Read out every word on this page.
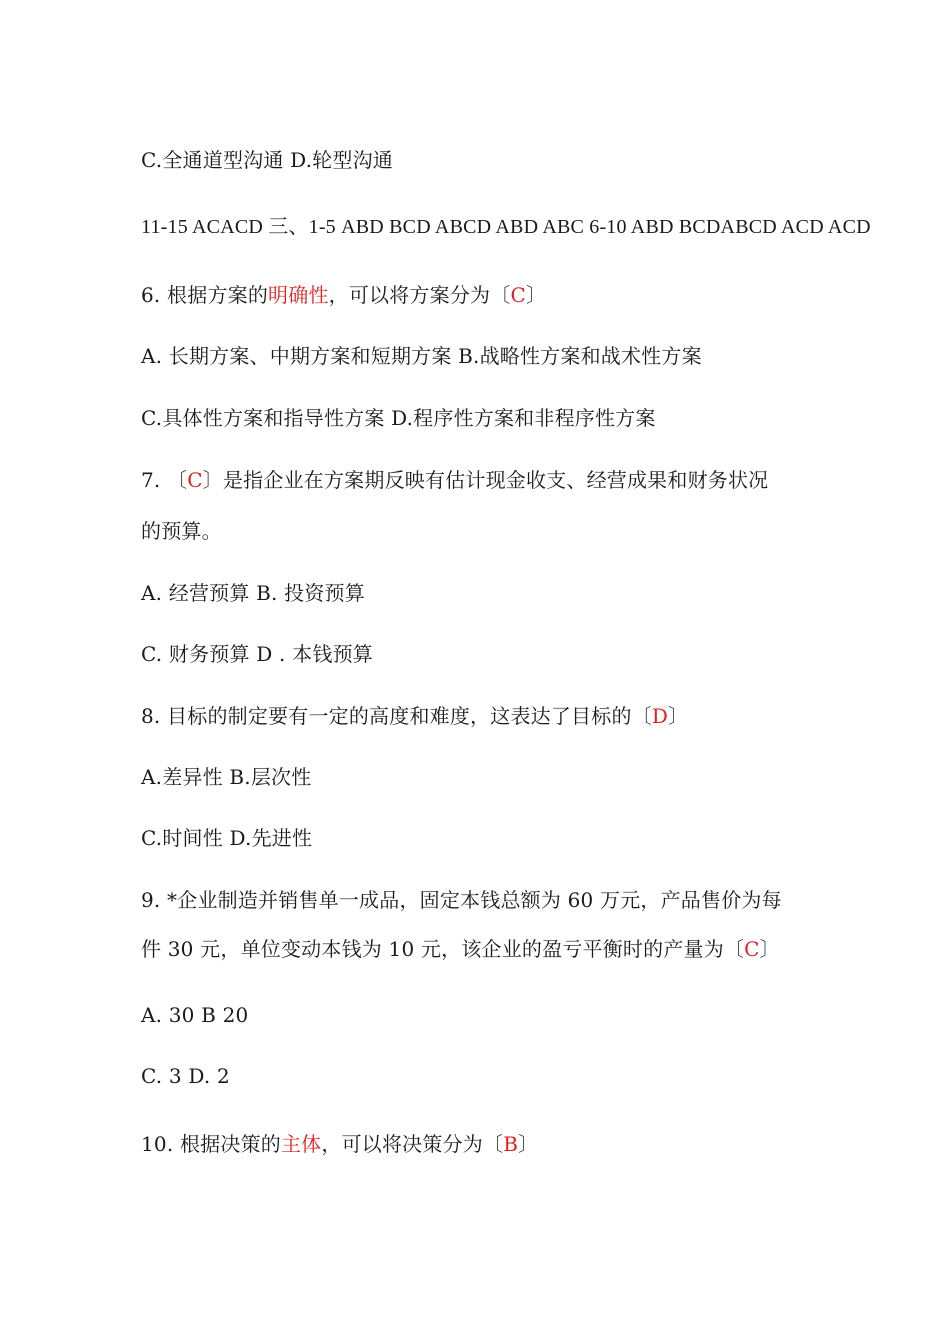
C.全通道型沟通 D.轮型沟通
11-15 ACACD 三、1-5 ABD BCD ABCD ABD ABC 6-10 ABD BCDABCD ACD ACD
6. 根据方案的明确性，可以将方案分为〔C〕
A. 长期方案、中期方案和短期方案 B.战略性方案和战术性方案
C.具体性方案和指导性方案 D.程序性方案和非程序性方案
7. 〔C〕是指企业在方案期反映有估计现金收支、经营成果和财务状况
的预算。
A. 经营预算 B. 投资预算
C. 财务预算 D . 本钱预算
8. 目标的制定要有一定的高度和难度，这表达了目标的〔D〕
A.差异性 B.层次性
C.时间性 D.先进性
9. *企业制造并销售单一成品，固定本钱总额为 60 万元，产品售价为每
件 30 元，单位变动本钱为 10 元，该企业的盈亏平衡时的产量为〔C〕
A. 30 B 20
C. 3 D. 2
10. 根据决策的主体，可以将决策分为〔B〕
